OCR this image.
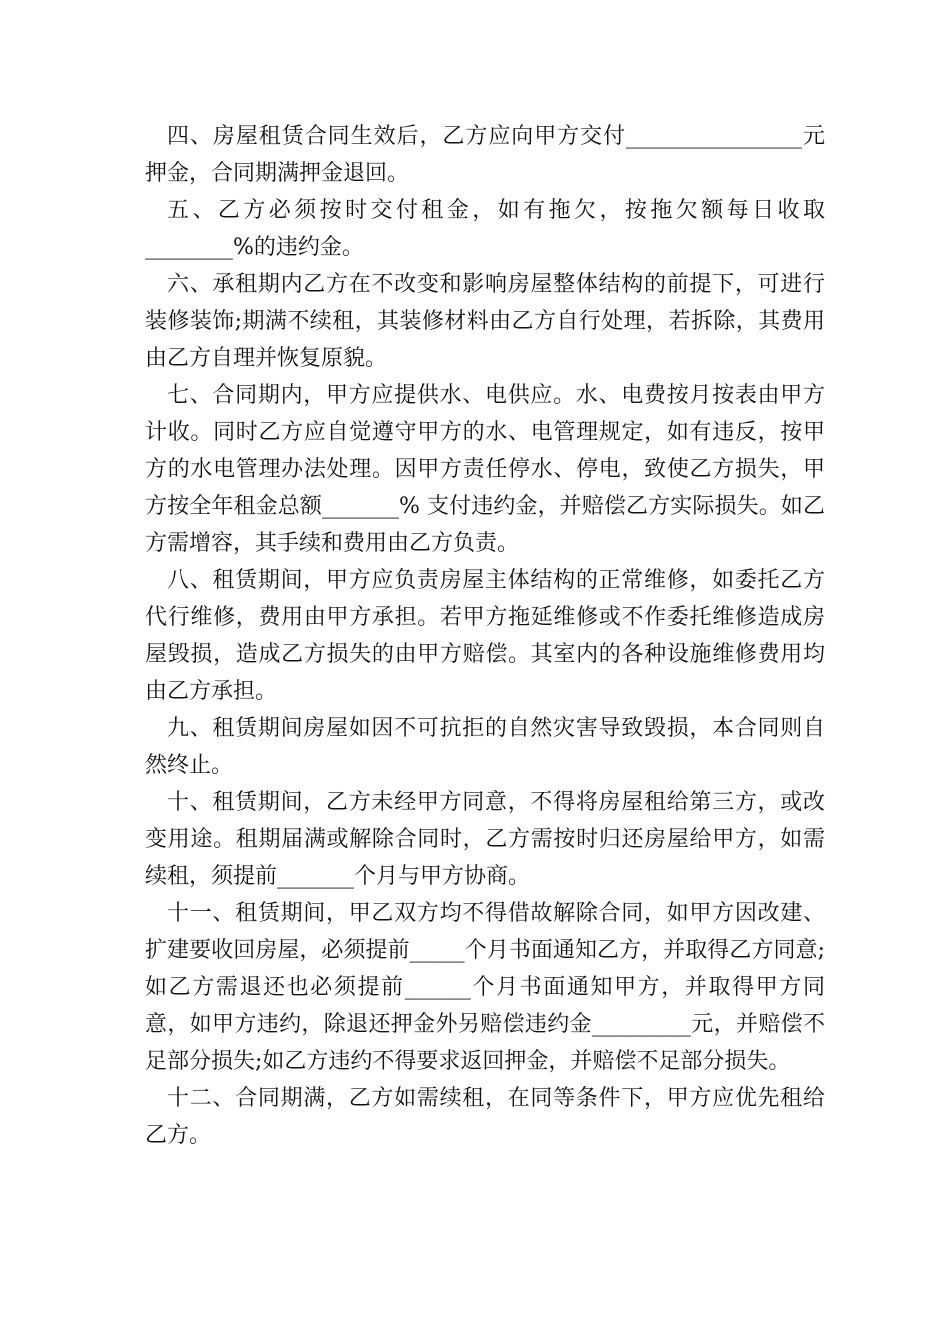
四、房屋租赁合同生效后，乙方应向甲方交付________________元押金，合同期满押金退回。

五、乙方必须按时交付租金，如有拖欠，按拖欠额每日收取________%的违约金。

六、承租期内乙方在不改变和影响房屋整体结构的前提下，可进行装修装饰;期满不续租，其装修材料由乙方自行处理，若拆除，其费用由乙方自理并恢复原貌。

七、合同期内，甲方应提供水、电供应。水、电费按月按表由甲方计收。同时乙方应自觉遵守甲方的水、电管理规定，如有违反，按甲方的水电管理办法处理。因甲方责任停水、停电，致使乙方损失，甲方按全年租金总额_______% 支付违约金，并赔偿乙方实际损失。如乙方需增容，其手续和费用由乙方负责。

八、租赁期间，甲方应负责房屋主体结构的正常维修，如委托乙方代行维修，费用由甲方承担。若甲方拖延维修或不作委托维修造成房屋毁损，造成乙方损失的由甲方赔偿。其室内的各种设施维修费用均由乙方承担。

九、租赁期间房屋如因不可抗拒的自然灾害导致毁损，本合同则自然终止。

十、租赁期间，乙方未经甲方同意，不得将房屋租给第三方，或改变用途。租期届满或解除合同时，乙方需按时归还房屋给甲方，如需续租，须提前_______个月与甲方协商。

十一、租赁期间，甲乙双方均不得借故解除合同，如甲方因改建、扩建要收回房屋，必须提前_____个月书面通知乙方，并取得乙方同意;如乙方需退还也必须提前______个月书面通知甲方，并取得甲方同意，如甲方违约，除退还押金外另赔偿违约金_________元，并赔偿不足部分损失;如乙方违约不得要求返回押金，并赔偿不足部分损失。

十二、合同期满，乙方如需续租，在同等条件下，甲方应优先租给乙方。
